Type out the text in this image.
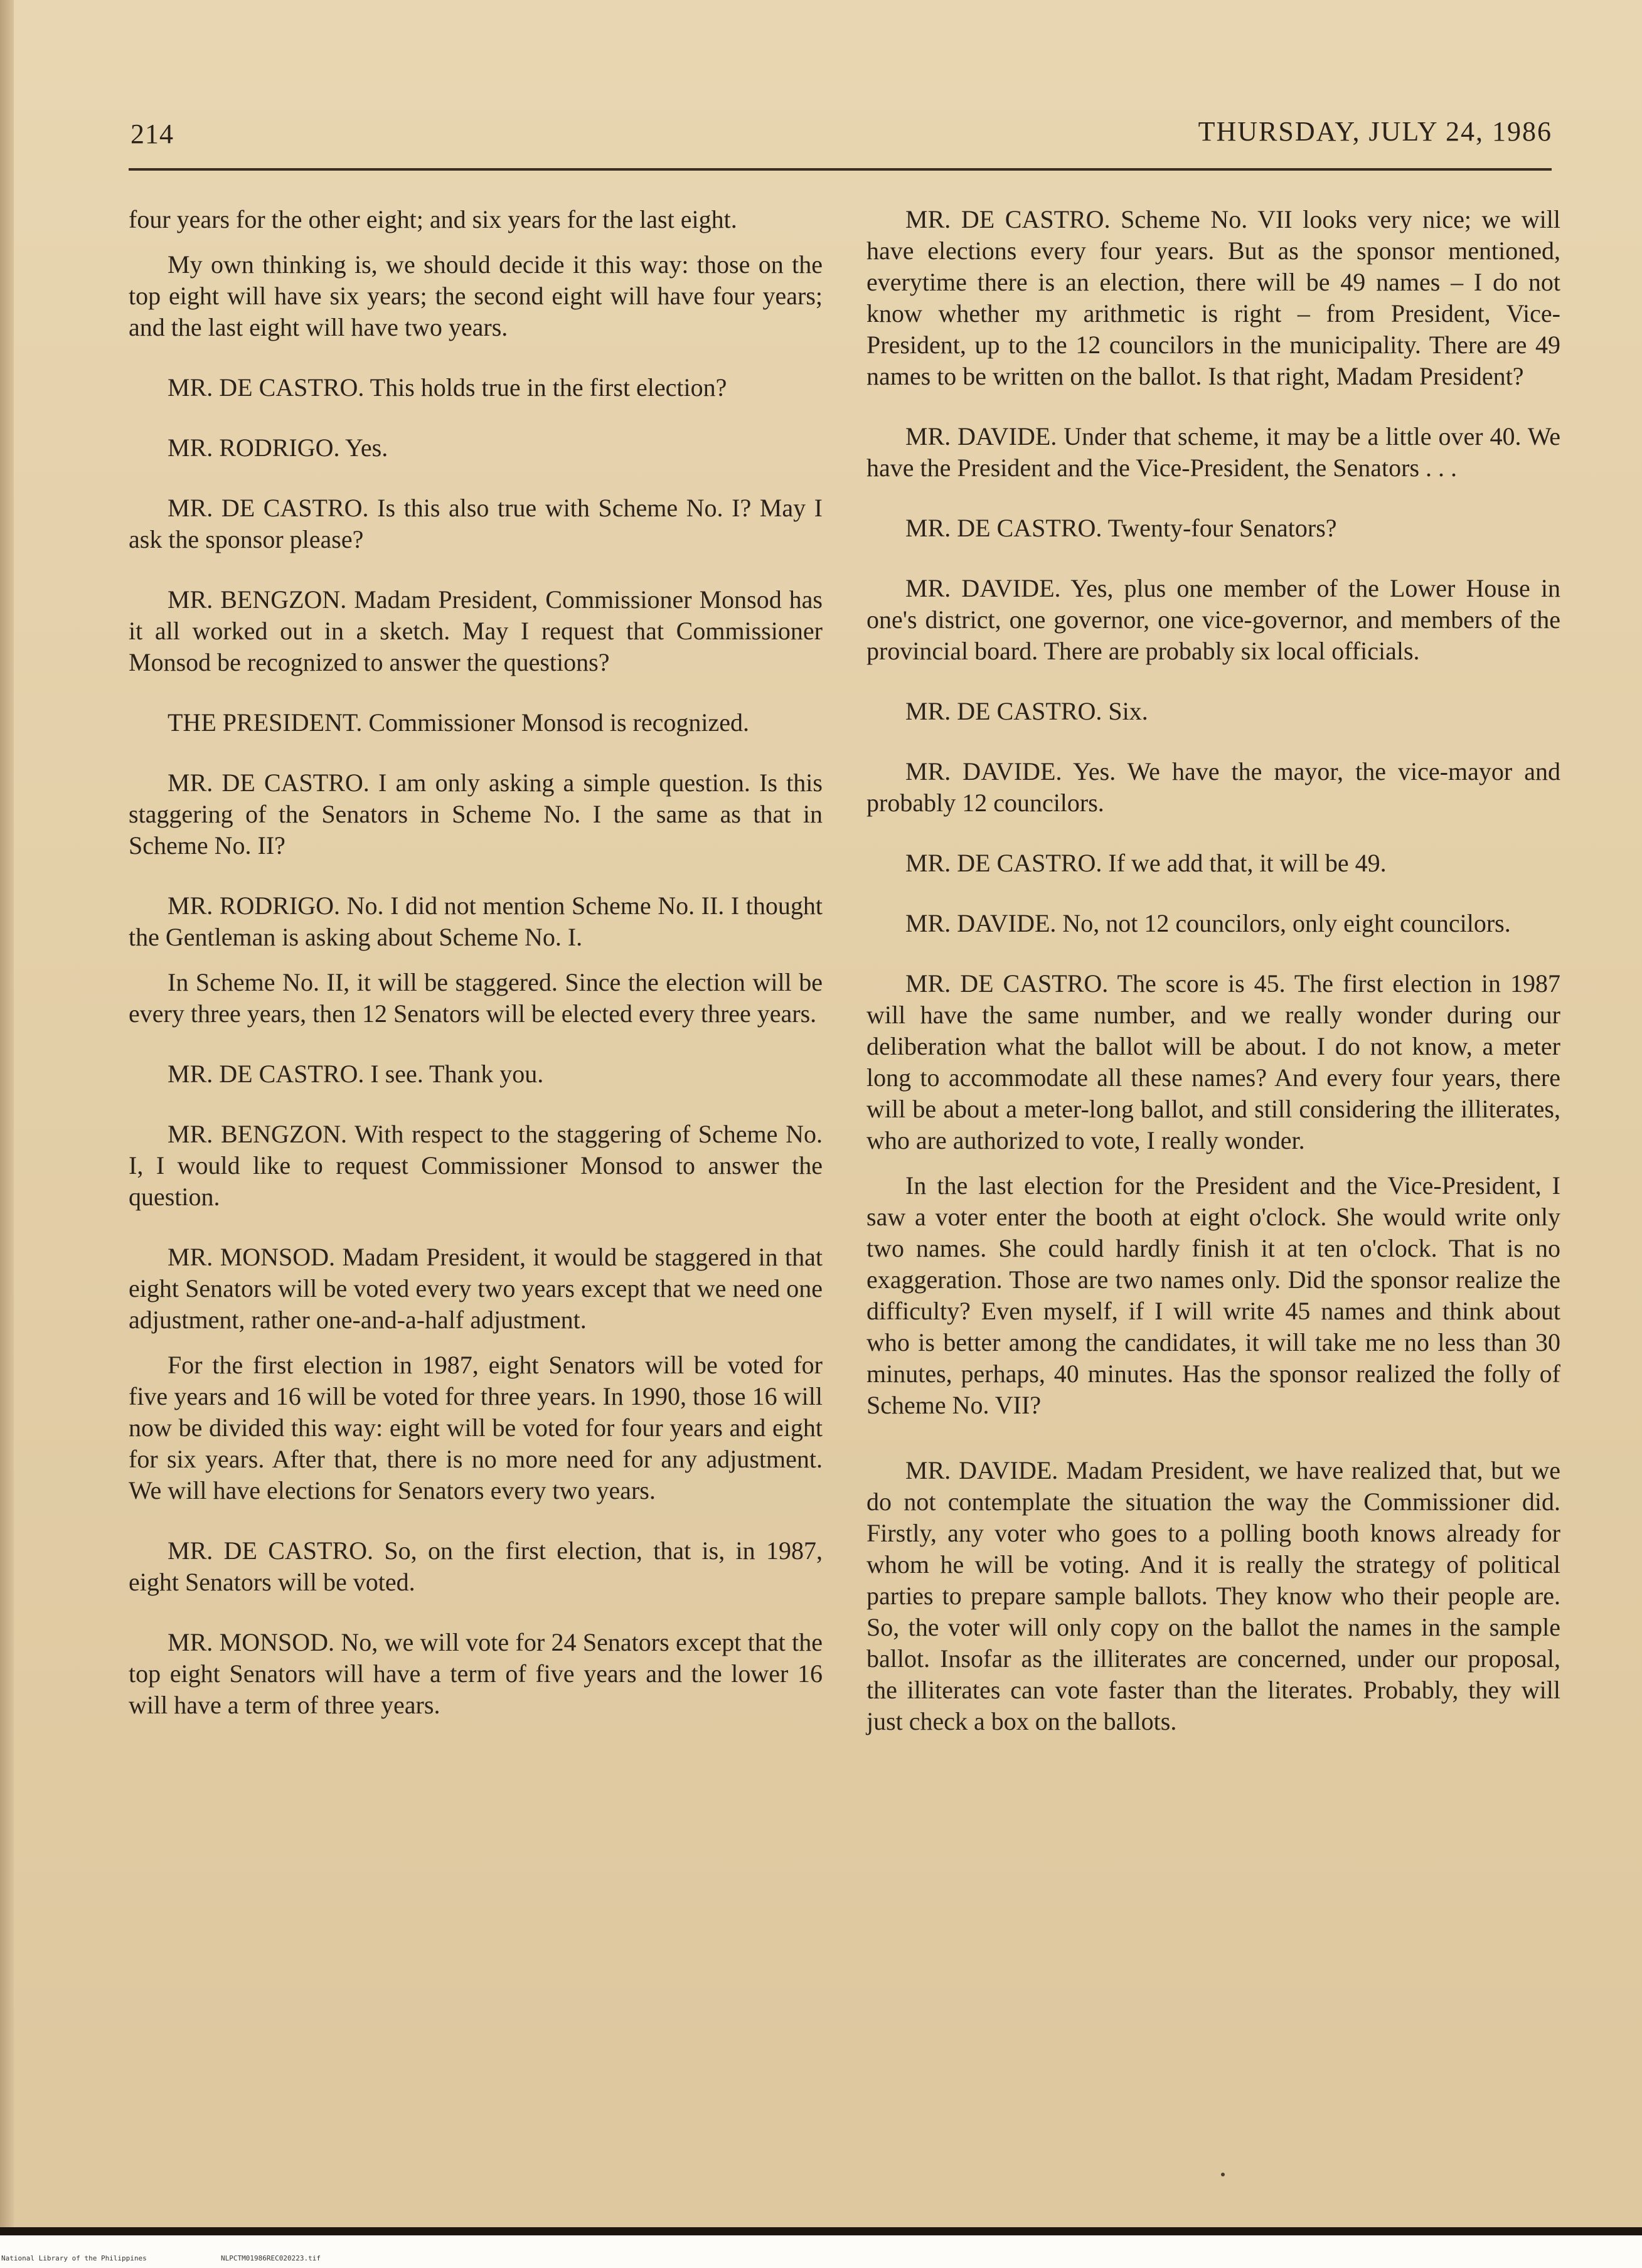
214	THURSDAY, JULY 24, 1986

four years for the other eight; and six years for the last eight.

My own thinking is, we should decide it this way: those on the top eight will have six years; the second eight will have four years; and the last eight will have two years.

MR. DE CASTRO. This holds true in the first election?

MR. RODRIGO. Yes.

MR. DE CASTRO. Is this also true with Scheme No. I? May I ask the sponsor please?

MR. BENGZON. Madam President, Commissioner Monsod has it all worked out in a sketch. May I request that Commissioner Monsod be recognized to answer the questions?

THE PRESIDENT. Commissioner Monsod is recognized.

MR. DE CASTRO. I am only asking a simple question. Is this staggering of the Senators in Scheme No. I the same as that in Scheme No. II?

MR. RODRIGO. No. I did not mention Scheme No. II. I thought the Gentleman is asking about Scheme No. I.

In Scheme No. II, it will be staggered. Since the election will be every three years, then 12 Senators will be elected every three years.

MR. DE CASTRO. I see. Thank you.

MR. BENGZON. With respect to the staggering of Scheme No. I, I would like to request Commissioner Monsod to answer the question.

MR. MONSOD. Madam President, it would be staggered in that eight Senators will be voted every two years except that we need one adjustment, rather one-and-a-half adjustment.

For the first election in 1987, eight Senators will be voted for five years and 16 will be voted for three years. In 1990, those 16 will now be divided this way: eight will be voted for four years and eight for six years. After that, there is no more need for any adjustment. We will have elections for Senators every two years.

MR. DE CASTRO. So, on the first election, that is, in 1987, eight Senators will be voted.

MR. MONSOD. No, we will vote for 24 Senators except that the top eight Senators will have a term of five years and the lower 16 will have a term of three years.

MR. DE CASTRO. Scheme No. VII looks very nice; we will have elections every four years. But as the sponsor mentioned, everytime there is an election, there will be 49 names – I do not know whether my arithmetic is right – from President, Vice-President, up to the 12 councilors in the municipality. There are 49 names to be written on the ballot. Is that right, Madam President?

MR. DAVIDE. Under that scheme, it may be a little over 40. We have the President and the Vice-President, the Senators . . .

MR. DE CASTRO. Twenty-four Senators?

MR. DAVIDE. Yes, plus one member of the Lower House in one's district, one governor, one vice-governor, and members of the provincial board. There are probably six local officials.

MR. DE CASTRO. Six.

MR. DAVIDE. Yes. We have the mayor, the vice-mayor and probably 12 councilors.

MR. DE CASTRO. If we add that, it will be 49.

MR. DAVIDE. No, not 12 councilors, only eight councilors.

MR. DE CASTRO. The score is 45. The first election in 1987 will have the same number, and we really wonder during our deliberation what the ballot will be about. I do not know, a meter long to accommodate all these names? And every four years, there will be about a meter-long ballot, and still considering the illiterates, who are authorized to vote, I really wonder.

In the last election for the President and the Vice-President, I saw a voter enter the booth at eight o'clock. She would write only two names. She could hardly finish it at ten o'clock. That is no exaggeration. Those are two names only. Did the sponsor realize the difficulty? Even myself, if I will write 45 names and think about who is better among the candidates, it will take me no less than 30 minutes, perhaps, 40 minutes. Has the sponsor realized the folly of Scheme No. VII?

MR. DAVIDE. Madam President, we have realized that, but we do not contemplate the situation the way the Commissioner did. Firstly, any voter who goes to a polling booth knows already for whom he will be voting. And it is really the strategy of political parties to prepare sample ballots. They know who their people are. So, the voter will only copy on the ballot the names in the sample ballot. Insofar as the illiterates are concerned, under our proposal, the illiterates can vote faster than the literates. Probably, they will just check a box on the ballots.

National Library of the Philippines	NLPCTM01986REC020223.tif
